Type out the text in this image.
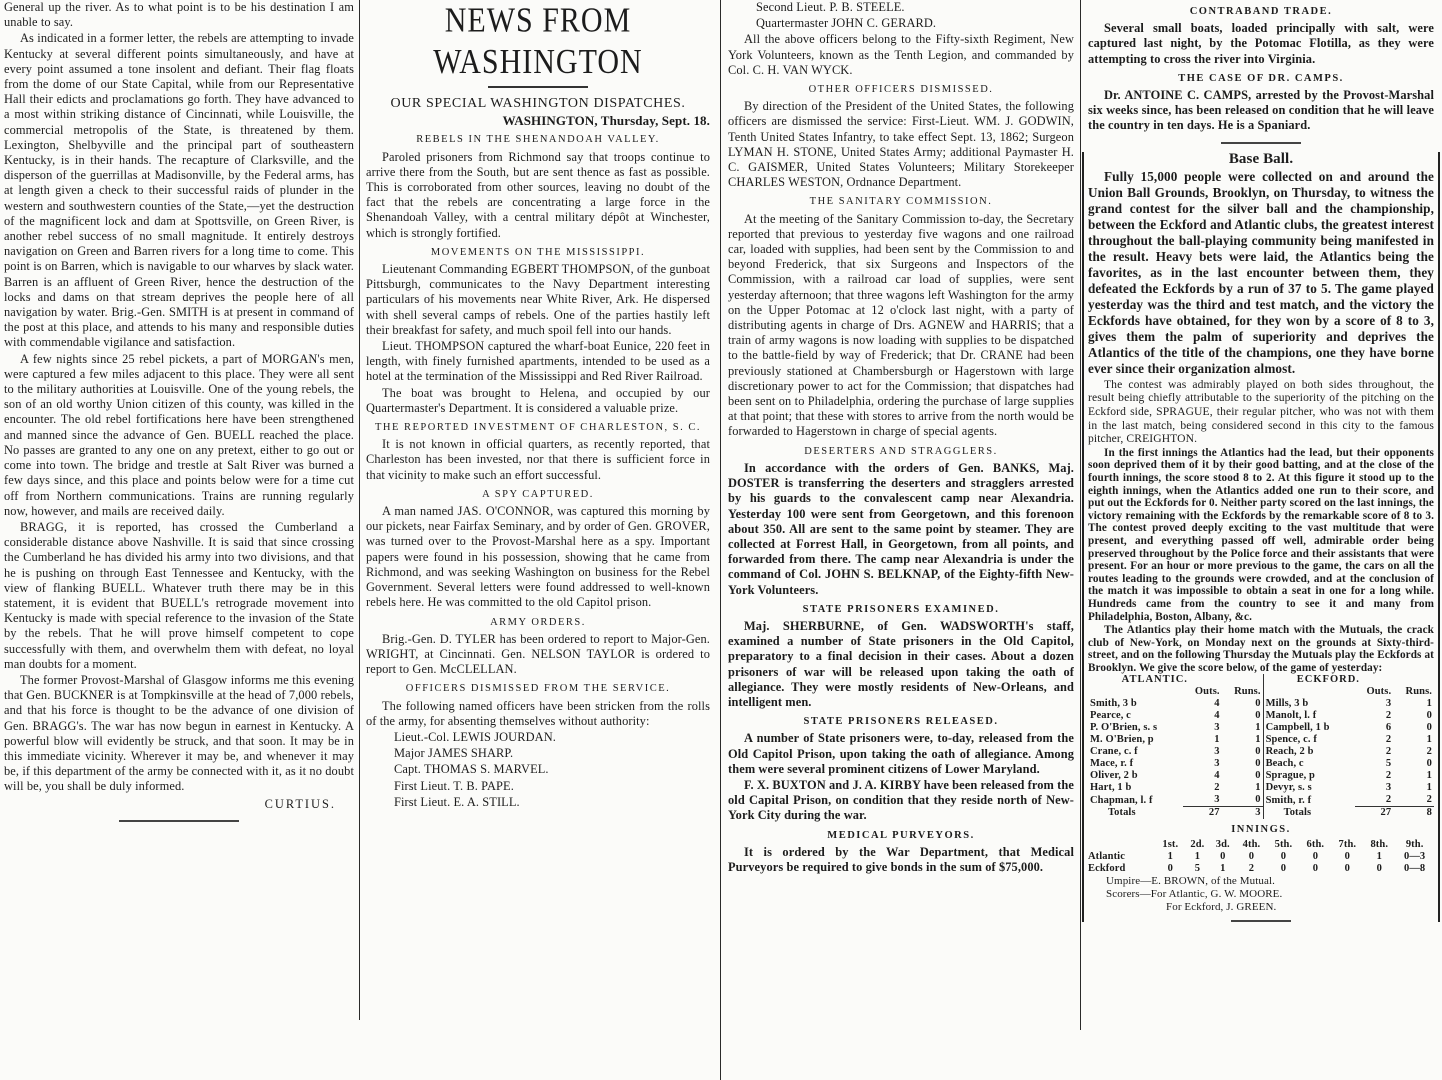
General up the river. As to what point is to be his destination I am unable to say.

As indicated in a former letter, the rebels are attempting to invade Kentucky at several different points simultaneously, and have at every point assumed a tone insolent and defiant. Their flag floats from the dome of our State Capital, while from our Representative Hall their edicts and proclamations go forth. They have advanced to a most within striking distance of Cincinnati, while Louisville, the commercial metropolis of the State, is threatened by them. Lexington, Shelbyville and the principal part of southeastern Kentucky, is in their hands. The recapture of Clarksville, and the disperson of the guerrillas at Madisonville, by the Federal arms, has at length given a check to their successful raids of plunder in the western and southwestern counties of the State,—yet the destruction of the magnificent lock and dam at Spottsville, on Green River, is another rebel success of no small magnitude. It entirely destroys navigation on Green and Barren rivers for a long time to come. This point is on Barren, which is navigable to our wharves by slack water. Barren is an affluent of Green River, hence the destruction of the locks and dams on that stream deprives the people here of all navigation by water. Brig.-Gen. SMITH is at present in command of the post at this place, and attends to his many and responsible duties with commendable vigilance and satisfaction.

A few nights since 25 rebel pickets, a part of MORGAN's men, were captured a few miles adjacent to this place. They were all sent to the military authorities at Louisville. One of the young rebels, the son of an old worthy Union citizen of this county, was killed in the encounter. The old rebel fortifications here have been strengthened and manned since the advance of Gen. BUELL reached the place. No passes are granted to any one on any pretext, either to go out or come into town. The bridge and trestle at Salt River was burned a few days since, and this place and points below were for a time cut off from Northern communications. Trains are running regularly now, however, and mails are received daily.

BRAGG, it is reported, has crossed the Cumberland a considerable distance above Nashville. It is said that since crossing the Cumberland he has divided his army into two divisions, and that he is pushing on through East Tennessee and Kentucky, with the view of flanking BUELL. Whatever truth there may be in this statement, it is evident that BUELL's retrograde movement into Kentucky is made with special reference to the invasion of the State by the rebels. That he will prove himself competent to cope successfully with them, and overwhelm them with defeat, no loyal man doubts for a moment.

The former Provost-Marshal of Glasgow informs me this evening that Gen. BUCKNER is at Tompkinsville at the head of 7,000 rebels, and that his force is thought to be the advance of one division of Gen. BRAGG's. The war has now begun in earnest in Kentucky. A powerful blow will evidently be struck, and that soon. It may be in this immediate vicinity. Wherever it may be, and whenever it may be, if this department of the army be connected with it, as it no doubt will be, you shall be duly informed.

CURTIUS.
NEWS FROM WASHINGTON
OUR SPECIAL WASHINGTON DISPATCHES.
WASHINGTON, Thursday, Sept. 18.
REBELS IN THE SHENANDOAH VALLEY.

Paroled prisoners from Richmond say that troops continue to arrive there from the South, but are sent thence as fast as possible. This is corroborated from other sources, leaving no doubt of the fact that the rebels are concentrating a large force in the Shenandoah Valley, with a central military dépôt at Winchester, which is strongly fortified.

MOVEMENTS ON THE MISSISSIPPI.

Lieutenant Commanding EGBERT THOMPSON, of the gunboat Pittsburgh, communicates to the Navy Department interesting particulars of his movements near White River, Ark. He dispersed with shell several camps of rebels. One of the parties hastily left their breakfast for safety, and much spoil fell into our hands.

Lieut. THOMPSON captured the wharf-boat Eunice, 220 feet in length, with finely furnished apartments, intended to be used as a hotel at the termination of the Mississippi and Red River Railroad.

The boat was brought to Helena, and occupied by our Quartermaster's Department. It is considered a valuable prize.

THE REPORTED INVESTMENT OF CHARLESTON, S. C.

It is not known in official quarters, as recently reported, that Charleston has been invested, nor that there is sufficient force in that vicinity to make such an effort successful.

A SPY CAPTURED.

A man named JAS. O'CONNOR, was captured this morning by our pickets, near Fairfax Seminary, and by order of Gen. GROVER, was turned over to the Provost-Marshal here as a spy. Important papers were found in his possession, showing that he came from Richmond, and was seeking Washington on business for the Rebel Government. Several letters were found addressed to well-known rebels here. He was committed to the old Capitol prison.

ARMY ORDERS.

Brig.-Gen. D. TYLER has been ordered to report to Major-Gen. WRIGHT, at Cincinnati. Gen. NELSON TAYLOR is ordered to report to Gen. McCLELLAN.

OFFICERS DISMISSED FROM THE SERVICE.

The following named officers have been stricken from the rolls of the army, for absenting themselves without authority:

Lieut.-Col. LEWIS JOURDAN.

Major JAMES SHARP.

Capt. THOMAS S. MARVEL.

First Lieut. T. B. PAPE.

First Lieut. E. A. STILL.

Second Lieut. P. B. STEELE.

Quartermaster JOHN C. GERARD.

All the above officers belong to the Fifty-sixth Regiment, New York Volunteers, known as the Tenth Legion, and commanded by Col. C. H. VAN WYCK.

OTHER OFFICERS DISMISSED.

By direction of the President of the United States, the following officers are dismissed the service: First-Lieut. WM. J. GODWIN, Tenth United States Infantry, to take effect Sept. 13, 1862; Surgeon LYMAN H. STONE, United States Army; additional Paymaster H. C. GAISMER, United States Volunteers; Military Storekeeper CHARLES WESTON, Ordnance Department.

THE SANITARY COMMISSION.

At the meeting of the Sanitary Commission to-day, the Secretary reported that previous to yesterday five wagons and one railroad car, loaded with supplies, had been sent by the Commission to and beyond Frederick, that six Surgeons and Inspectors of the Commission, with a railroad car load of supplies, were sent yesterday afternoon; that three wagons left Washington for the army on the Upper Potomac at 12 o'clock last night, with a party of distributing agents in charge of Drs. AGNEW and HARRIS; that a train of army wagons is now loading with supplies to be dispatched to the battle-field by way of Frederick; that Dr. CRANE had been previously stationed at Chambersburgh or Hagerstown with large discretionary power to act for the Commission; that dispatches had been sent on to Philadelphia, ordering the purchase of large supplies at that point; that these with stores to arrive from the north would be forwarded to Hagerstown in charge of special agents.

DESERTERS AND STRAGGLERS.

In accordance with the orders of Gen. BANKS, Maj. DOSTER is transferring the deserters and stragglers arrested by his guards to the convalescent camp near Alexandria. Yesterday 100 were sent from Georgetown, and this forenoon about 350. All are sent to the same point by steamer. They are collected at Forrest Hall, in Georgetown, from all points, and forwarded from there. The camp near Alexandria is under the command of Col. JOHN S. BELKNAP, of the Eighty-fifth New-York Volunteers.

STATE PRISONERS EXAMINED.

Maj. SHERBURNE, of Gen. WADSWORTH's staff, examined a number of State prisoners in the Old Capitol, preparatory to a final decision in their cases. About a dozen prisoners of war will be released upon taking the oath of allegiance. They were mostly residents of New-Orleans, and intelligent men.

STATE PRISONERS RELEASED.

A number of State prisoners were, to-day, released from the Old Capitol Prison, upon taking the oath of allegiance. Among them were several prominent citizens of Lower Maryland.

F. X. BUXTON and J. A. KIRBY have been released from the old Capital Prison, on condition that they reside north of New-York City during the war.

MEDICAL PURVEYORS.

It is ordered by the War Department, that Medical Purveyors be required to give bonds in the sum of $75,000.

CONTRABAND TRADE.

Several small boats, loaded principally with salt, were captured last night, by the Potomac Flotilla, as they were attempting to cross the river into Virginia.

THE CASE OF DR. CAMPS.

Dr. ANTOINE C. CAMPS, arrested by the Provost-Marshal six weeks since, has been released on condition that he will leave the country in ten days. He is a Spaniard.

Base Ball.

Fully 15,000 people were collected on and around the Union Ball Grounds, Brooklyn, on Thursday, to witness the grand contest for the silver ball and the championship, between the Eckford and Atlantic clubs, the greatest interest throughout the ball-playing community being manifested in the result. Heavy bets were laid, the Atlantics being the favorites, as in the last encounter between them, they defeated the Eckfords by a run of 37 to 5. The game played yesterday was the third and test match, and the victory the Eckfords have obtained, for they won by a score of 8 to 3, gives them the palm of superiority and deprives the Atlantics of the title of the champions, one they have borne ever since their organization almost.

The contest was admirably played on both sides throughout, the result being chiefly attributable to the superiority of the pitching on the Eckford side, SPRAGUE, their regular pitcher, who was not with them in the last match, being considered second in this city to the famous pitcher, CREIGHTON.

In the first innings the Atlantics had the lead, but their opponents soon deprived them of it by their good batting, and at the close of the fourth innings, the score stood 8 to 2. At this figure it stood up to the eighth innings, when the Atlantics added one run to their score, and put out the Eckfords for 0. Neither party scored on the last innings, the victory remaining with the Eckfords by the remarkable score of 8 to 3. The contest proved deeply exciting to the vast multitude that were present, and everything passed off well, admirable order being preserved throughout by the Police force and their assistants that were present. For an hour or more previous to the game, the cars on all the routes leading to the grounds were crowded, and at the conclusion of the match it was impossible to obtain a seat in one for a long while. Hundreds came from the country to see it and many from Philadelphia, Boston, Albany, &c.

The Atlantics play their home match with the Mutuals, the crack club of New-York, on Monday next on the grounds at Sixty-third-street, and on the following Thursday the Mutuals play the Eckfords at Brooklyn. We give the score below, of the game of yesterday:

ATLANTIC.			ECKFORD.		
	Outs.	Runs.		Outs.	Runs.
Smith, 3 b	4	0	Mills, 3 b	3	1
Pearce, c	4	0	Manolt, l. f	2	0
P. O'Brien, s. s	3	1	Campbell, 1 b	6	0
M. O'Brien, p	1	1	Spence, c. f	2	1
Crane, c. f	3	0	Reach, 2 b	2	2
Mace, r. f	3	0	Beach, c	5	0
Oliver, 2 b	4	0	Sprague, p	2	1
Hart, 1 b	2	1	Devyr, s. s	3	1
Chapman, l. f	3	0	Smith, r. f	2	2
Totals	27	3	Totals	27	8
INNINGS.
	1st.	2d.	3d.	4th.	5th.	6th.	7th.	8th.	9th.
Atlantic	1	1	0	0	0	0	0	1	0—3
Eckford	0	5	1	2	0	0	0	0	0—8
Umpire—E. BROWN, of the Mutual.
Scorers—For Atlantic, G. W. MOORE.
For Eckford, J. GREEN.
